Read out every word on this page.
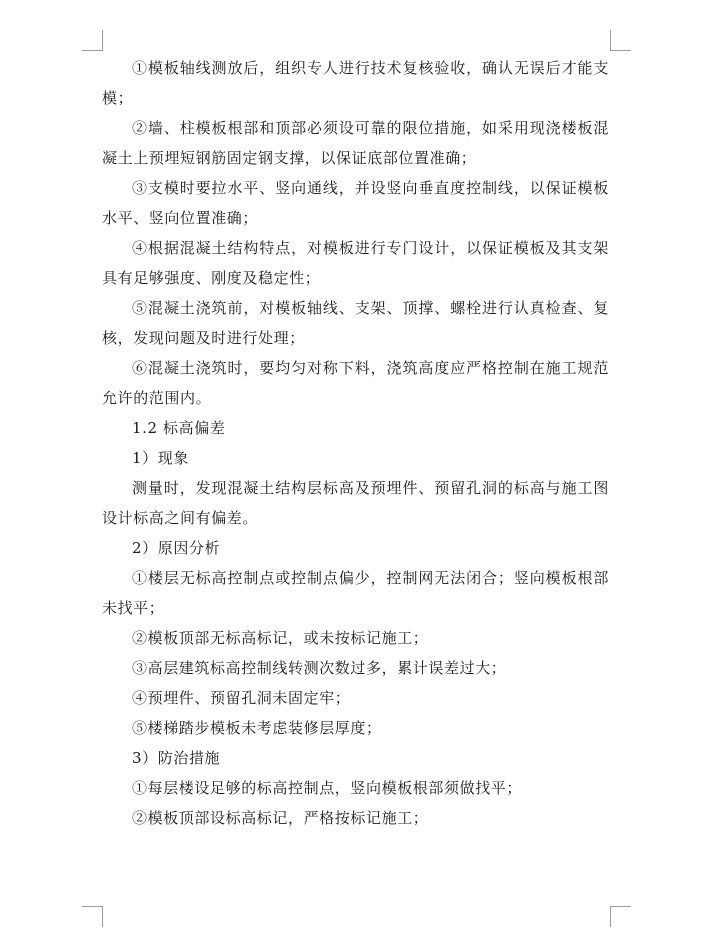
①模板轴线测放后，组织专人进行技术复核验收，确认无误后才能支模；

②墙、柱模板根部和顶部必须设可靠的限位措施，如采用现浇楼板混凝土上预埋短钢筋固定钢支撑，以保证底部位置准确；

③支模时要拉水平、竖向通线，并设竖向垂直度控制线，以保证模板水平、竖向位置准确；

④根据混凝土结构特点，对模板进行专门设计，以保证模板及其支架具有足够强度、刚度及稳定性；

⑤混凝土浇筑前，对模板轴线、支架、顶撑、螺栓进行认真检查、复核，发现问题及时进行处理；

⑥混凝土浇筑时，要均匀对称下料，浇筑高度应严格控制在施工规范允许的范围内。

1.2 标高偏差

1）现象

测量时，发现混凝土结构层标高及预埋件、预留孔洞的标高与施工图设计标高之间有偏差。

2）原因分析

①楼层无标高控制点或控制点偏少，控制网无法闭合；竖向模板根部未找平；

②模板顶部无标高标记，或未按标记施工；

③高层建筑标高控制线转测次数过多，累计误差过大；

④预埋件、预留孔洞未固定牢；

⑤楼梯踏步模板未考虑装修层厚度；

3）防治措施

①每层楼设足够的标高控制点，竖向模板根部须做找平；

②模板顶部设标高标记，严格按标记施工；
